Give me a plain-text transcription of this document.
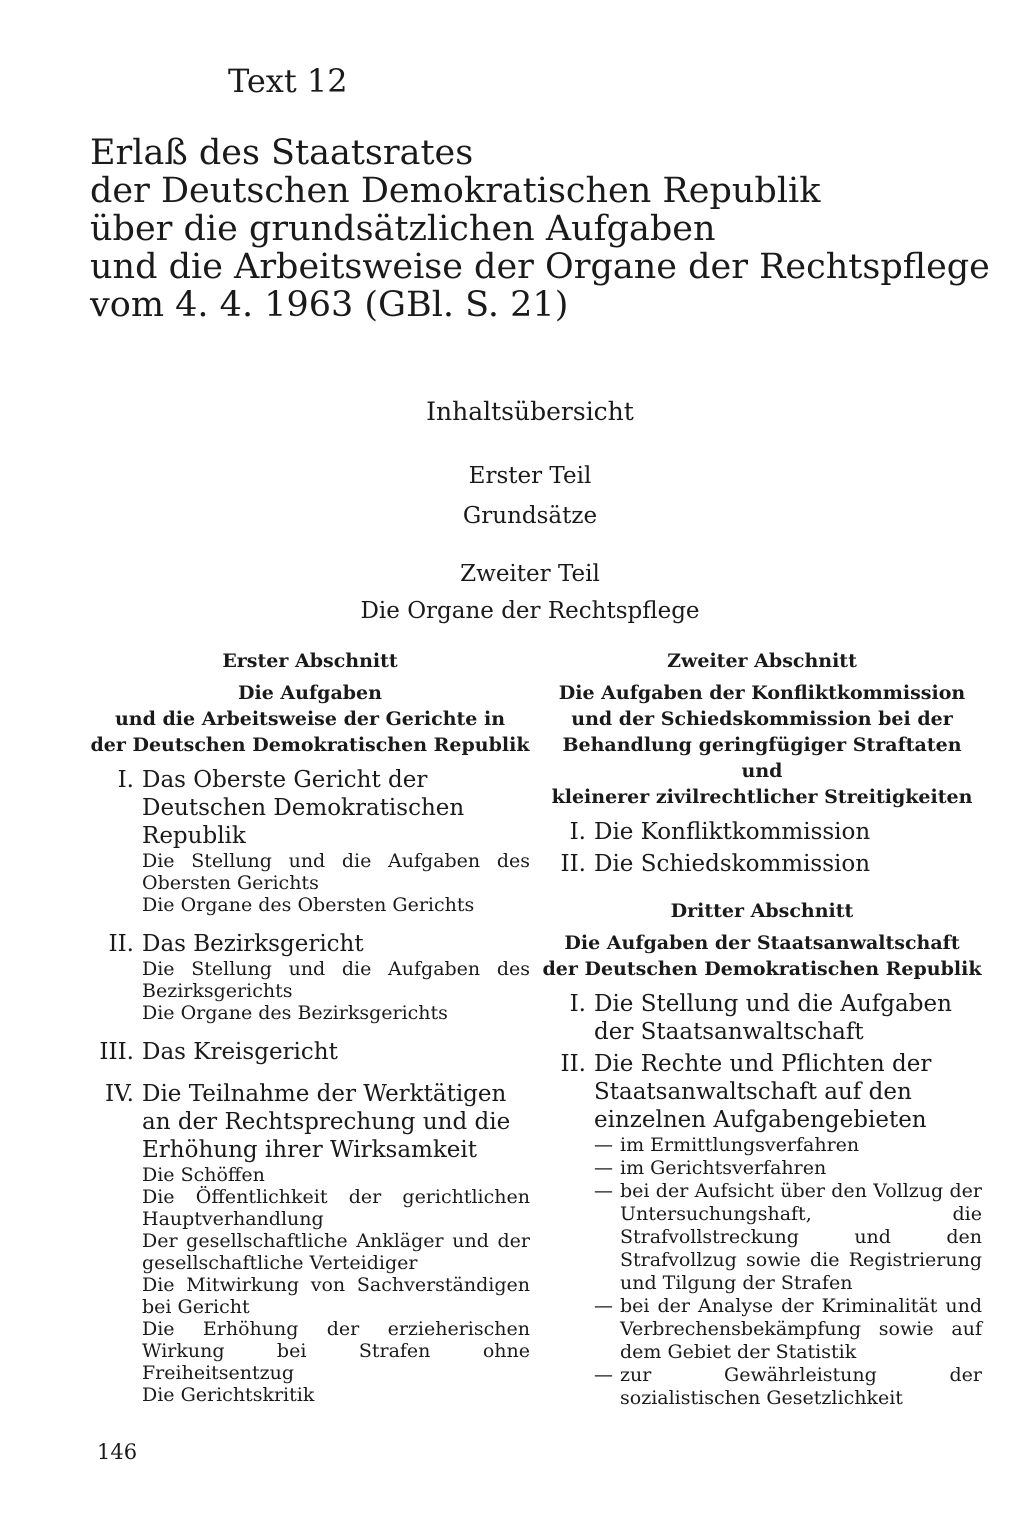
Text 12
Erlaß des Staatsrates
der Deutschen Demokratischen Republik
über die grundsätzlichen Aufgaben
und die Arbeitsweise der Organe der Rechtspflege
vom 4. 4. 1963 (GBl. S. 21)
Inhaltsübersicht
Erster Teil
Grundsätze
Zweiter Teil
Die Organe der Rechtspflege
Erster Abschnitt
Die Aufgaben
und die Arbeitsweise der Gerichte in
der Deutschen Demokratischen Republik
I. Das Oberste Gericht der Deutschen Demokratischen Republik
Die Stellung und die Aufgaben des Obersten Gerichts
Die Organe des Obersten Gerichts
II. Das Bezirksgericht
Die Stellung und die Aufgaben des Bezirksgerichts
Die Organe des Bezirksgerichts
III. Das Kreisgericht
IV. Die Teilnahme der Werktätigen an der Rechtsprechung und die Erhöhung ihrer Wirksamkeit
Die Schöffen
Die Öffentlichkeit der gerichtlichen Hauptverhandlung
Der gesellschaftliche Ankläger und der gesellschaftliche Verteidiger
Die Mitwirkung von Sachverständigen bei Gericht
Die Erhöhung der erzieherischen Wirkung bei Strafen ohne Freiheitsentzug
Die Gerichtskritik
Zweiter Abschnitt
Die Aufgaben der Konfliktkommission
und der Schiedskommission bei der
Behandlung geringfügiger Straftaten und
kleinerer zivilrechtlicher Streitigkeiten
I. Die Konfliktkommission
II. Die Schiedskommission
Dritter Abschnitt
Die Aufgaben der Staatsanwaltschaft
der Deutschen Demokratischen Republik
I. Die Stellung und die Aufgaben der Staatsanwaltschaft
II. Die Rechte und Pflichten der Staatsanwaltschaft auf den einzelnen Aufgabengebieten
— im Ermittlungsverfahren
— im Gerichtsverfahren
— bei der Aufsicht über den Vollzug der Untersuchungshaft, die Strafvollstreckung und den Strafvollzug sowie die Registrierung und Tilgung der Strafen
— bei der Analyse der Kriminalität und Verbrechensbekämpfung sowie auf dem Gebiet der Statistik
— zur Gewährleistung der sozialistischen Gesetzlichkeit
146
